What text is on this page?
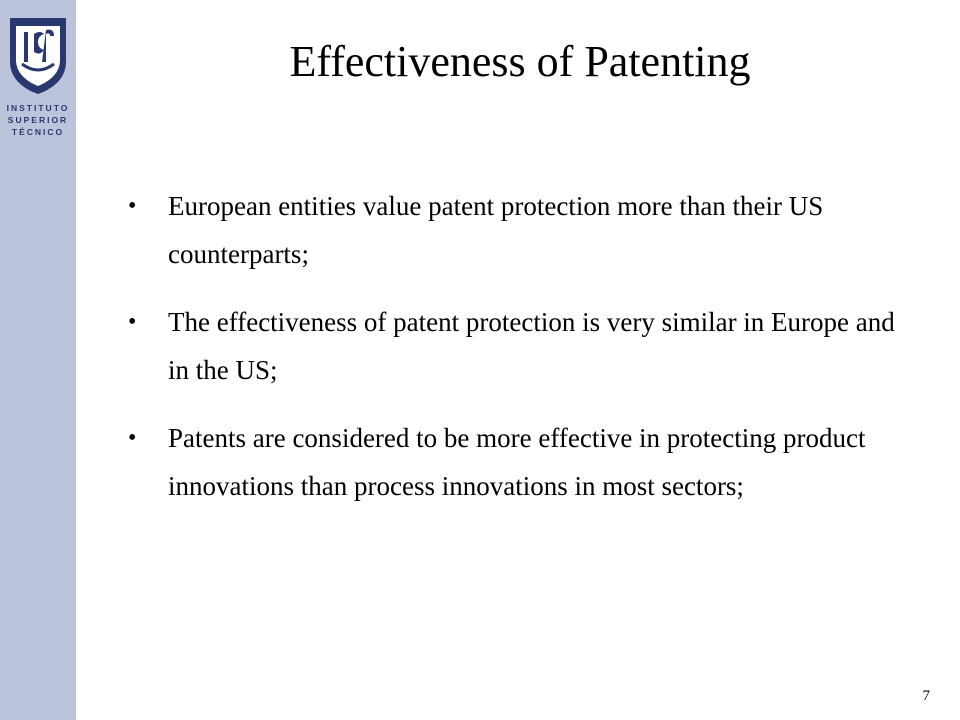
INSTITUTO
SUPERIOR
TÉCNICO
Effectiveness of Patenting
• European entities value patent protection more than their US counterparts;
• The effectiveness of patent protection is very similar in Europe and in the US;
• Patents are considered to be more effective in protecting product innovations than process innovations in most sectors;
7
